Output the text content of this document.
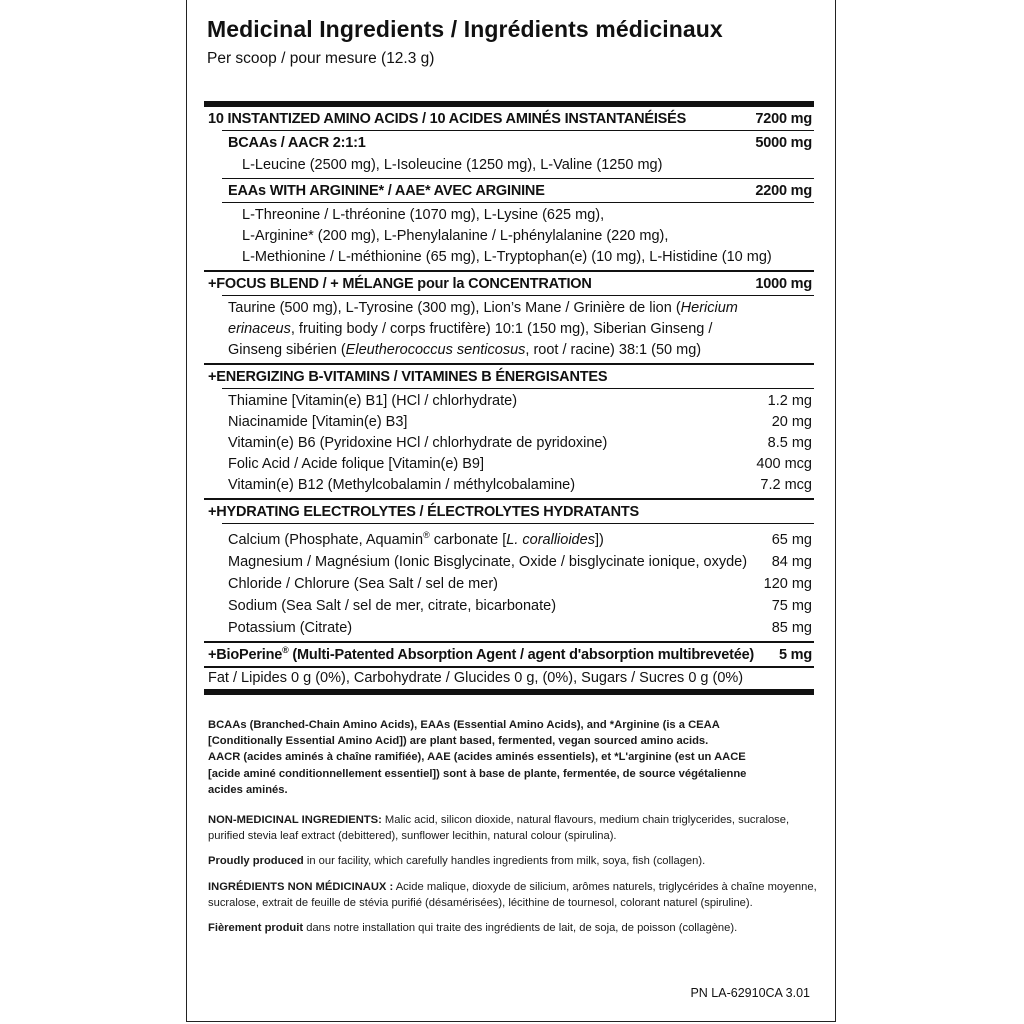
Medicinal Ingredients / Ingrédients médicinaux
Per scoop / pour mesure (12.3 g)
10 INSTANTIZED AMINO ACIDS / 10 ACIDES AMINÉS INSTANTANÉISÉS	7200 mg
BCAAs / AACR 2:1:1	5000 mg
L-Leucine (2500 mg), L-Isoleucine (1250 mg), L-Valine (1250 mg)
EAAs WITH ARGININE* / AAE* AVEC ARGININE	2200 mg
L-Threonine / L-thréonine (1070 mg), L-Lysine (625 mg),
L-Arginine* (200 mg), L-Phenylalanine / L-phénylalanine (220 mg),
L-Methionine / L-méthionine (65 mg), L-Tryptophan(e) (10 mg), L-Histidine (10 mg)
+FOCUS BLEND / + MÉLANGE pour la CONCENTRATION	1000 mg
Taurine (500 mg), L-Tyrosine (300 mg), Lion’s Mane / Grinière de lion (Hericium
erinaceus, fruiting body / corps fructifère) 10:1 (150 mg), Siberian Ginseng /
Ginseng sibérien (Eleutherococcus senticosus, root / racine) 38:1 (50 mg)
+ENERGIZING B-VITAMINS / VITAMINES B ÉNERGISANTES
Thiamine [Vitamin(e) B1] (HCl / chlorhydrate)	1.2 mg
Niacinamide [Vitamin(e) B3]	20 mg
Vitamin(e) B6 (Pyridoxine HCl / chlorhydrate de pyridoxine)	8.5 mg
Folic Acid / Acide folique [Vitamin(e) B9]	400 mcg
Vitamin(e) B12 (Methylcobalamin / méthylcobalamine)	7.2 mcg
+HYDRATING ELECTROLYTES / ÉLECTROLYTES HYDRATANTS
Calcium (Phosphate, Aquamin® carbonate [L. corallioides])	65 mg
Magnesium / Magnésium (Ionic Bisglycinate, Oxide / bisglycinate ionique, oxyde) 84 mg
Chloride / Chlorure (Sea Salt / sel de mer)	120 mg
Sodium (Sea Salt / sel de mer, citrate, bicarbonate)	75 mg
Potassium (Citrate)	85 mg
+BioPerine® (Multi-Patented Absorption Agent / agent d'absorption multibrevetée) 5 mg
Fat / Lipides 0 g (0%), Carbohydrate / Glucides 0 g, (0%), Sugars / Sucres 0 g (0%)

BCAAs (Branched-Chain Amino Acids), EAAs (Essential Amino Acids), and *Arginine (is a CEAA
[Conditionally Essential Amino Acid]) are plant based, fermented, vegan sourced amino acids.
AACR (acides aminés à chaîne ramifiée), AAE (acides aminés essentiels), et *L'arginine (est un AACE
[acide aminé conditionnellement essentiel]) sont à base de plante, fermentée, de source végétalienne
acides aminés.

NON-MEDICINAL INGREDIENTS: Malic acid, silicon dioxide, natural flavours, medium chain triglycerides, sucralose, purified stevia leaf extract (debittered), sunflower lecithin, natural colour (spirulina).

Proudly produced in our facility, which carefully handles ingredients from milk, soya, fish (collagen).

INGRÉDIENTS NON MÉDICINAUX : Acide malique, dioxyde de silicium, arômes naturels, triglycérides à chaîne moyenne, sucralose, extrait de feuille de stévia purifié (désamérisées), lécithine de tournesol, colorant naturel (spiruline).

Fièrement produit dans notre installation qui traite des ingrédients de lait, de soja, de poisson (collagène).

PN LA-62910CA 3.01
